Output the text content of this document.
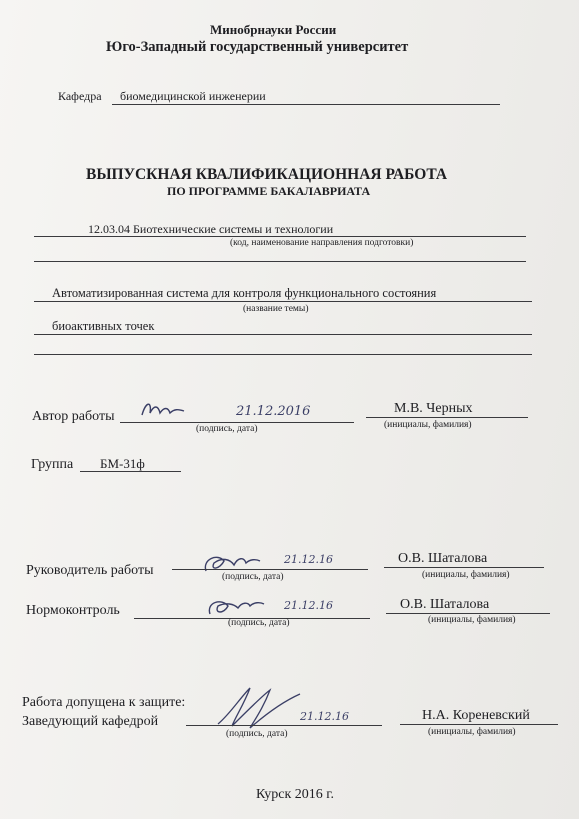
Минобрнауки России
Юго-Западный государственный университет
Кафедра биомедицинской инженерии
ВЫПУСКНАЯ КВАЛИФИКАЦИОННАЯ РАБОТА
ПО ПРОГРАММЕ БАКАЛАВРИАТА
12.03.04 Биотехнические системы и технологии
(код, наименование направления подготовки)
Автоматизированная система для контроля функционального состояния
(название темы)
биоактивных точек
Автор работы	21.12.2016
(подпись, дата)
М.В. Черных
(инициалы, фамилия)
Группа БМ-31ф
Руководитель работы
21.12.16
(подпись, дата)
О.В. Шаталова
(инициалы, фамилия)
Нормоконтроль	21.12.16
(подпись, дата)
О.В. Шаталова
(инициалы, фамилия)
Работа допущена к защите:
Заведующий кафедрой	21.12.16
(подпись, дата)
Н.А. Кореневский
(инициалы, фамилия)
Курск 2016 г.
